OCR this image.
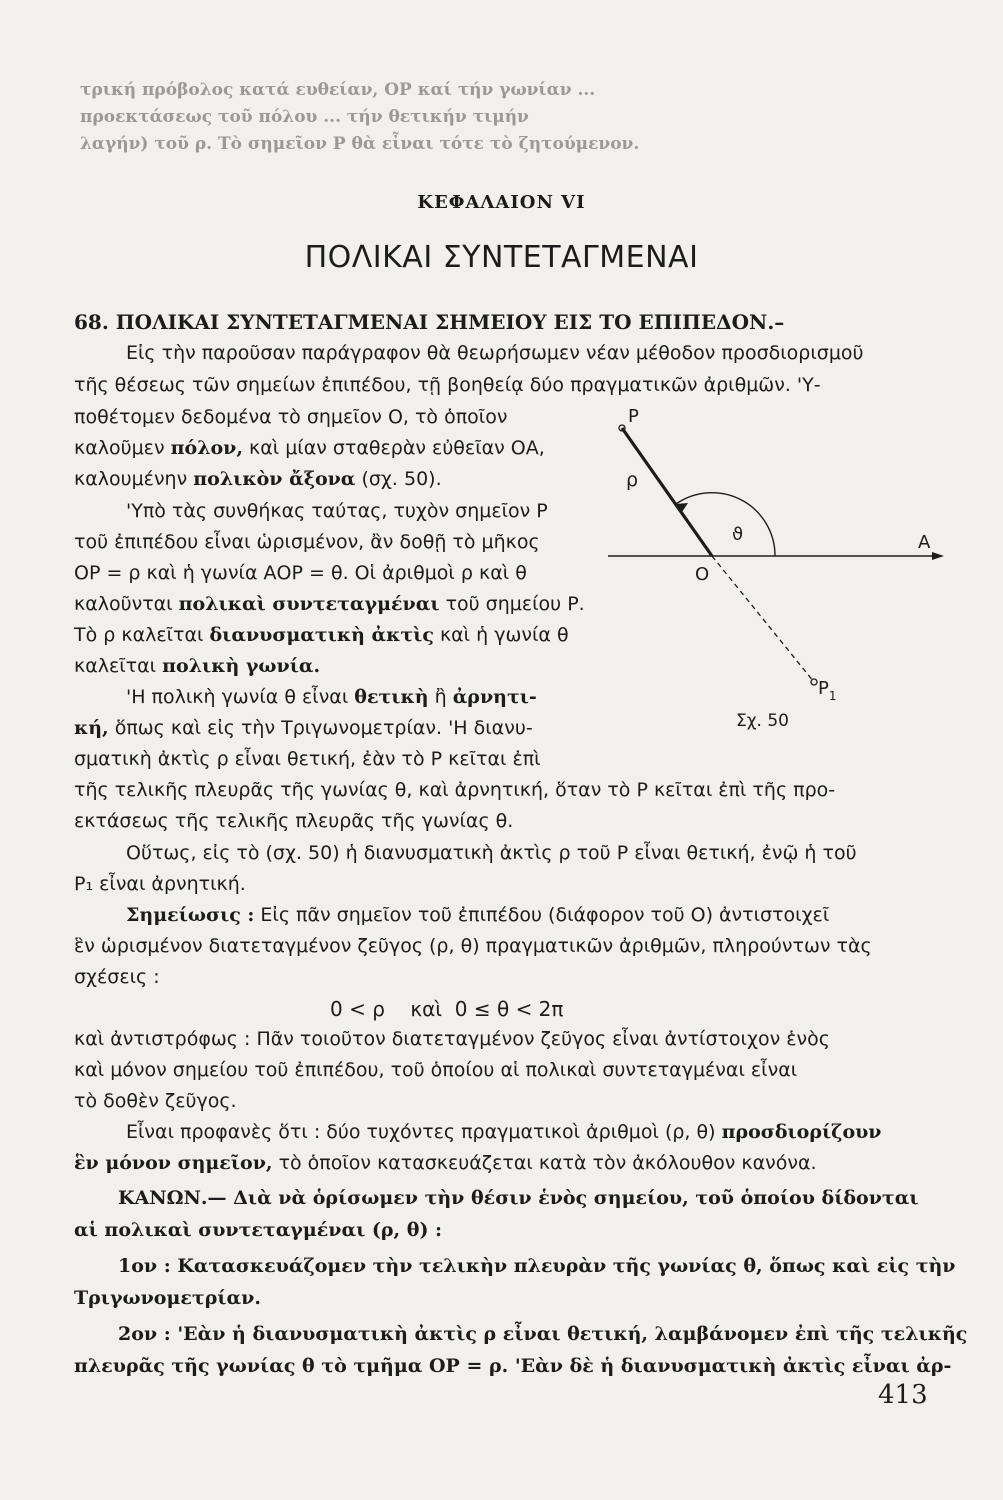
τρική πρόβολος κατά ευθείαν, ΟΡ καί τήν γωνίαν ...
προεκτάσεως τοῦ πόλου ... τήν θετικήν τιμήν
λαγήν) τοῦ ρ. Τὸ σημεῖον Ρ θὰ εἶναι τότε τὸ ζητούμενον.
ΚΕΦΑΛΑΙΟΝ VI
ΠΟΛΙΚΑΙ ΣΥΝΤΕΤΑΓΜΕΝΑΙ
68. ΠΟΛΙΚΑΙ ΣΥΝΤΕΤΑΓΜΕΝΑΙ ΣΗΜΕΙΟΥ ΕΙΣ ΤΟ ΕΠΙΠΕΔΟΝ.–
Εἰς τὴν παροῦσαν παράγραφον θὰ θεωρήσωμεν νέαν μέθοδον προσδιορισμοῦ
τῆς θέσεως τῶν σημείων ἐπιπέδου, τῇ βοηθείᾳ δύο πραγματικῶν ἀριθμῶν. 'Υ-
ποθέτομεν δεδομένα τὸ σημεῖον Ο, τὸ ὁποῖον
καλοῦμεν πόλον, καὶ μίαν σταθερὰν εὐθεῖαν ΟΑ,
καλουμένην πολικὸν ἄξονα (σχ. 50).
'Υπὸ τὰς συνθήκας ταύτας, τυχὸν σημεῖον Ρ
τοῦ ἐπιπέδου εἶναι ὡρισμένον, ἂν δοθῇ τὸ μῆκος
ΟΡ = ρ καὶ ἡ γωνία ΑΟΡ = θ. Οἱ ἀριθμοὶ ρ καὶ θ
καλοῦνται πολικαὶ συντεταγμέναι τοῦ σημείου Ρ.
Τὸ ρ καλεῖται διανυσματικὴ ἀκτὶς καὶ ἡ γωνία θ
καλεῖται πολικὴ γωνία.
'Η πολικὴ γωνία θ εἶναι θετικὴ ἢ ἀρνητι-
κή, ὅπως καὶ εἰς τὴν Τριγωνομετρίαν. 'Η διανυ-
σματικὴ ἀκτὶς ρ εἶναι θετική, ἐὰν τὸ Ρ κεῖται ἐπὶ
τῆς τελικῆς πλευρᾶς τῆς γωνίας θ, καὶ ἀρνητική, ὅταν τὸ Ρ κεῖται ἐπὶ τῆς προ-
εκτάσεως τῆς τελικῆς πλευρᾶς τῆς γωνίας θ.
Οὕτως, εἰς τὸ (σχ. 50) ἡ διανυσματικὴ ἀκτὶς ρ τοῦ Ρ εἶναι θετική, ἐνῷ ἡ τοῦ
Ρ₁ εἶναι ἀρνητική.
Σημείωσις : Εἰς πᾶν σημεῖον τοῦ ἐπιπέδου (διάφορον τοῦ Ο) ἀντιστοιχεῖ
ἓν ὡρισμένον διατεταγμένον ζεῦγος (ρ, θ) πραγματικῶν ἀριθμῶν, πληρούντων τὰς
σχέσεις :
0 < ρ    καὶ  0 ≤ θ < 2π
καὶ ἀντιστρόφως : Πᾶν τοιοῦτον διατεταγμένον ζεῦγος εἶναι ἀντίστοιχον ἑνὸς
καὶ μόνον σημείου τοῦ ἐπιπέδου, τοῦ ὁποίου αἱ πολικαὶ συντεταγμέναι εἶναι
τὸ δοθὲν ζεῦγος.
Εἶναι προφανὲς ὅτι : δύο τυχόντες πραγματικοὶ ἀριθμοὶ (ρ, θ) προσδιορίζουν
ἓν μόνον σημεῖον, τὸ ὁποῖον κατασκευάζεται κατὰ τὸν ἀκόλουθον κανόνα.
ΚΑΝΩΝ.— Διὰ νὰ ὁρίσωμεν τὴν θέσιν ἑνὸς σημείου, τοῦ ὁποίου δίδονται
αἱ πολικαὶ συντεταγμέναι (ρ, θ) :
1ον : Κατασκευάζομεν τὴν τελικὴν πλευρὰν τῆς γωνίας θ, ὅπως καὶ εἰς τὴν
Τριγωνομετρίαν.
2ον : 'Εὰν ἡ διανυσματικὴ ἀκτὶς ρ εἶναι θετική, λαμβάνομεν ἐπὶ τῆς τελικῆς
πλευρᾶς τῆς γωνίας θ τὸ τμῆμα ΟΡ = ρ. 'Εὰν δὲ ἡ διανυσματικὴ ἀκτὶς εἶναι ἀρ-
P
ρ
ϑ	A
O
$P_1$
Σχ. 50
413
